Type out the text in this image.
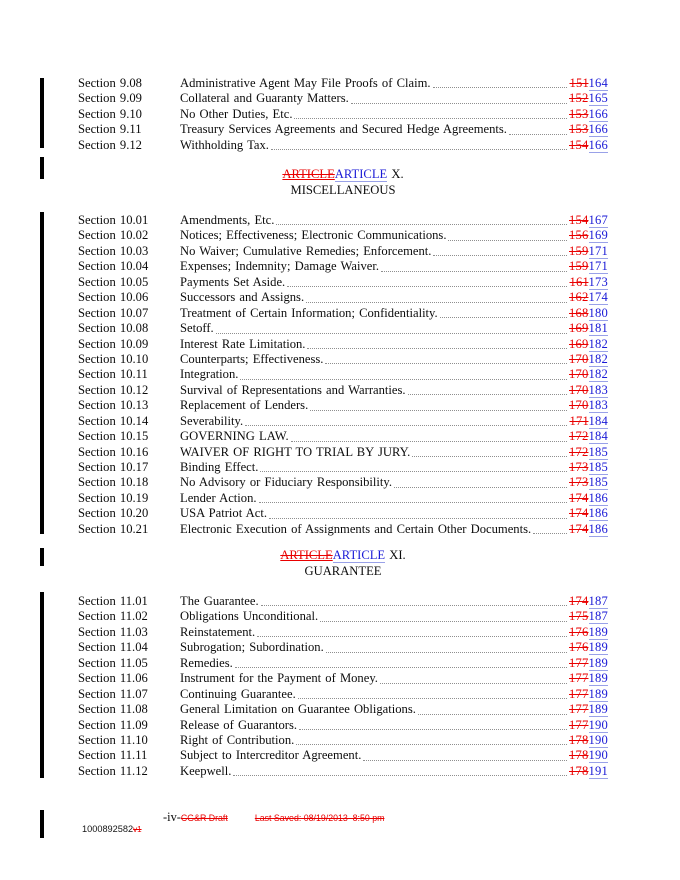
Section 9.08	Administrative Agent May File Proofs of Claim.	151164
Section 9.09	Collateral and Guaranty Matters.	152165
Section 9.10	No Other Duties, Etc.	153166
Section 9.11	Treasury Services Agreements and Secured Hedge Agreements.	153166
Section 9.12	Withholding Tax.	154166
ARTICLEARTICLE X.
MISCELLANEOUS
Section 10.01	Amendments, Etc.	154167
Section 10.02	Notices; Effectiveness; Electronic Communications.	156169
Section 10.03	No Waiver; Cumulative Remedies; Enforcement.	159171
Section 10.04	Expenses; Indemnity; Damage Waiver.	159171
Section 10.05	Payments Set Aside.	161173
Section 10.06	Successors and Assigns.	162174
Section 10.07	Treatment of Certain Information; Confidentiality.	168180
Section 10.08	Setoff.	169181
Section 10.09	Interest Rate Limitation.	169182
Section 10.10	Counterparts; Effectiveness.	170182
Section 10.11	Integration.	170182
Section 10.12	Survival of Representations and Warranties.	170183
Section 10.13	Replacement of Lenders.	170183
Section 10.14	Severability.	171184
Section 10.15	GOVERNING LAW.	172184
Section 10.16	WAIVER OF RIGHT TO TRIAL BY JURY.	172185
Section 10.17	Binding Effect.	173185
Section 10.18	No Advisory or Fiduciary Responsibility.	173185
Section 10.19	Lender Action.	174186
Section 10.20	USA Patriot Act.	174186
Section 10.21	Electronic Execution of Assignments and Certain Other Documents.	174186
ARTICLEARTICLE XI.
GUARANTEE
Section 11.01	The Guarantee.	174187
Section 11.02	Obligations Unconditional.	175187
Section 11.03	Reinstatement.	176189
Section 11.04	Subrogation; Subordination.	176189
Section 11.05	Remedies.	177189
Section 11.06	Instrument for the Payment of Money.	177189
Section 11.07	Continuing Guarantee.	177189
Section 11.08	General Limitation on Guarantee Obligations.	177189
Section 11.09	Release of Guarantors.	177190
Section 11.10	Right of Contribution.	178190
Section 11.11	Subject to Intercreditor Agreement.	178190
Section 11.12	Keepwell.	178191
-iv-CG&R Draft	Last Saved: 08/19/2013  8:50 pm
1000892582v1
